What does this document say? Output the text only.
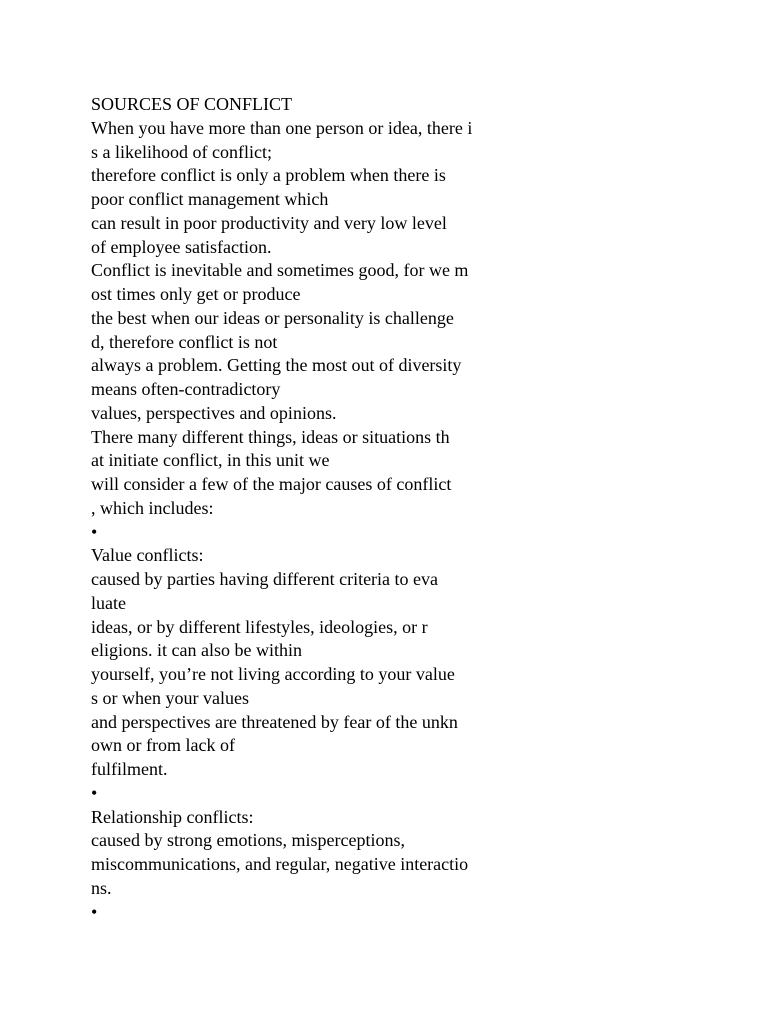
SOURCES OF CONFLICT
When you have more than one person or idea, there i
s a likelihood of conflict;
therefore conflict is only a problem when there is
poor conflict management which
can result in poor productivity and very low level
of employee satisfaction.
Conflict is inevitable and sometimes good, for we m
ost times only get or produce
the best when our ideas or personality is challenge
d, therefore conflict is not
always a problem. Getting the most out of diversity
means often-contradictory
values, perspectives and opinions.
There many different things, ideas or situations th
at initiate conflict, in this unit we
will consider a few of the major causes of conflict
, which includes:
•
Value conflicts:
caused by parties having different criteria to eva
luate
ideas, or by different lifestyles, ideologies, or r
eligions. it can also be within
yourself, you’re not living according to your value
s or when your values
and perspectives are threatened by fear of the unkn
own or from lack of
fulfilment.
•
Relationship conflicts:
caused by strong emotions, misperceptions,
miscommunications, and regular, negative interactio
ns.
•
